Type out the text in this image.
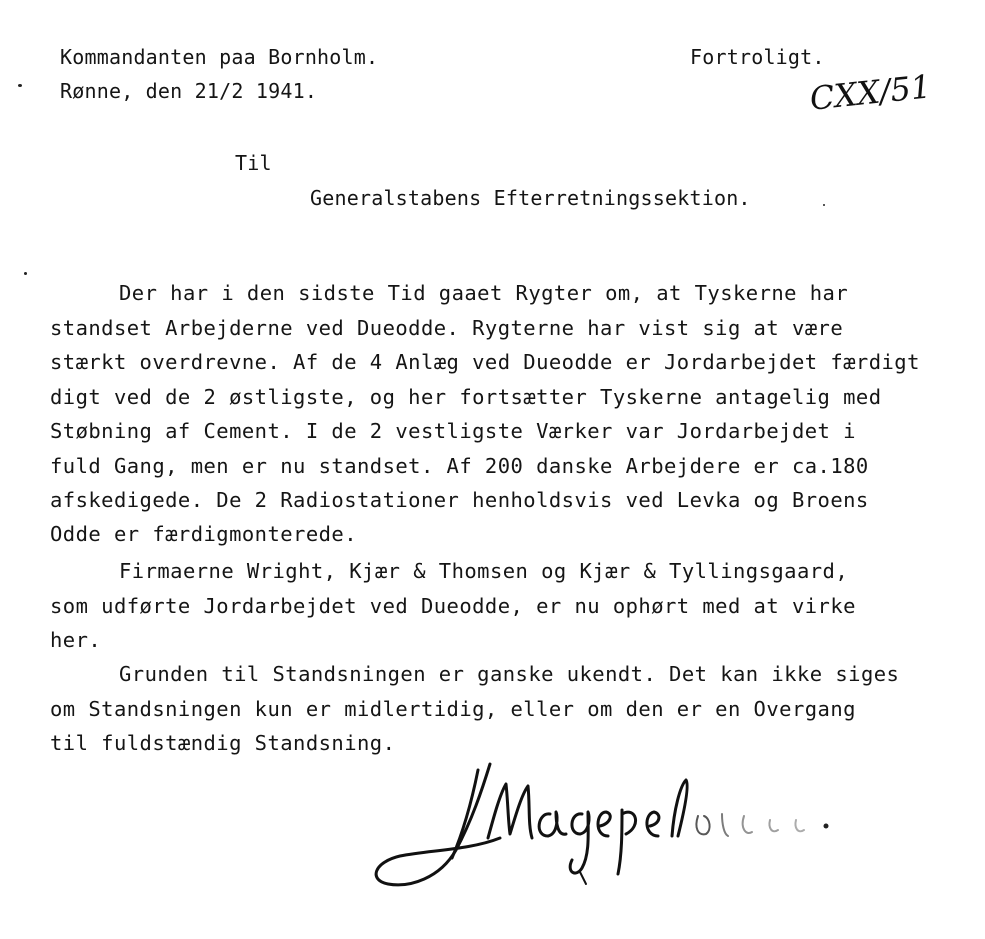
Kommandanten paa Bornholm.
Rønne, den 21/2 1941.
Fortroligt.
CXX/51
Til
Generalstabens Efterretningssektion.
Der har i den sidste Tid gaaet Rygter om, at Tyskerne har
standset Arbejderne ved Dueodde. Rygterne har vist sig at være
stærkt overdrevne. Af de 4 Anlæg ved Dueodde er Jordarbejdet færdigt
digt ved de 2 østligste, og her fortsætter Tyskerne antagelig med
Støbning af Cement. I de 2 vestligste Værker var Jordarbejdet i
fuld Gang, men er nu standset. Af 200 danske Arbejdere er ca.180
afskedigede. De 2 Radiostationer henholdsvis ved Levka og Broens
Odde er færdigmonterede.
Firmaerne Wright, Kjær & Thomsen og Kjær & Tyllingsgaard,
som udførte Jordarbejdet ved Dueodde, er nu ophørt med at virke
her.
Grunden til Standsningen er ganske ukendt. Det kan ikke siges
om Standsningen kun er midlertidig, eller om den er en Overgang
til fuldstændig Standsning.
